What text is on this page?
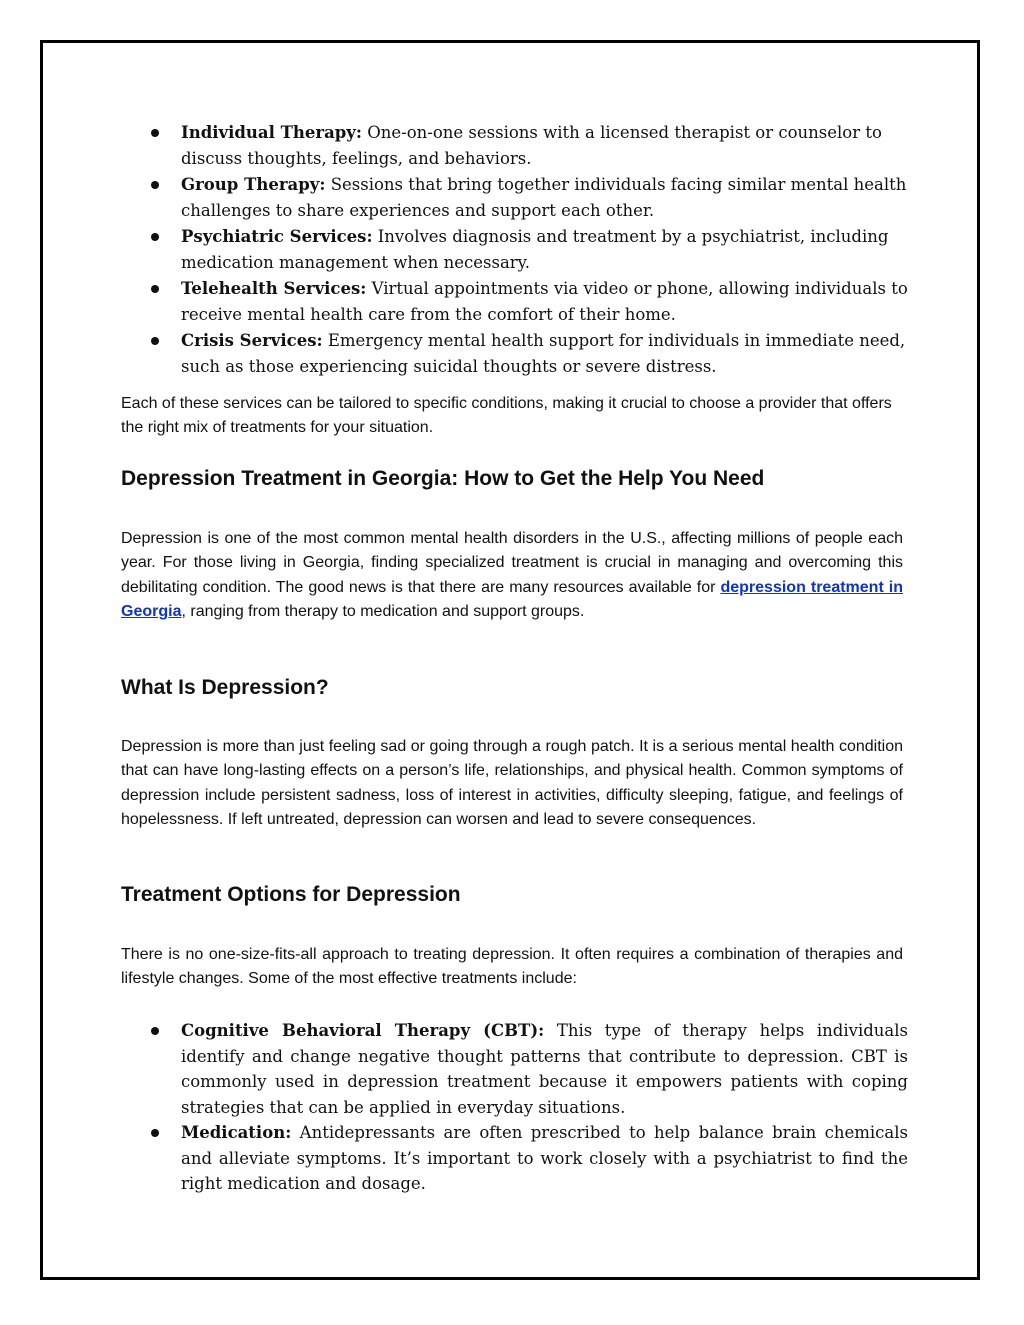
Individual Therapy: One-on-one sessions with a licensed therapist or counselor to discuss thoughts, feelings, and behaviors.
Group Therapy: Sessions that bring together individuals facing similar mental health challenges to share experiences and support each other.
Psychiatric Services: Involves diagnosis and treatment by a psychiatrist, including medication management when necessary.
Telehealth Services: Virtual appointments via video or phone, allowing individuals to receive mental health care from the comfort of their home.
Crisis Services: Emergency mental health support for individuals in immediate need, such as those experiencing suicidal thoughts or severe distress.

Each of these services can be tailored to specific conditions, making it crucial to choose a provider that offers the right mix of treatments for your situation.

Depression Treatment in Georgia: How to Get the Help You Need

Depression is one of the most common mental health disorders in the U.S., affecting millions of people each year. For those living in Georgia, finding specialized treatment is crucial in managing and overcoming this debilitating condition. The good news is that there are many resources available for depression treatment in Georgia, ranging from therapy to medication and support groups.

What Is Depression?

Depression is more than just feeling sad or going through a rough patch. It is a serious mental health condition that can have long-lasting effects on a person’s life, relationships, and physical health. Common symptoms of depression include persistent sadness, loss of interest in activities, difficulty sleeping, fatigue, and feelings of hopelessness. If left untreated, depression can worsen and lead to severe consequences.

Treatment Options for Depression

There is no one-size-fits-all approach to treating depression. It often requires a combination of therapies and lifestyle changes. Some of the most effective treatments include:

Cognitive Behavioral Therapy (CBT): This type of therapy helps individuals identify and change negative thought patterns that contribute to depression. CBT is commonly used in depression treatment because it empowers patients with coping strategies that can be applied in everyday situations.
Medication: Antidepressants are often prescribed to help balance brain chemicals and alleviate symptoms. It’s important to work closely with a psychiatrist to find the right medication and dosage.
